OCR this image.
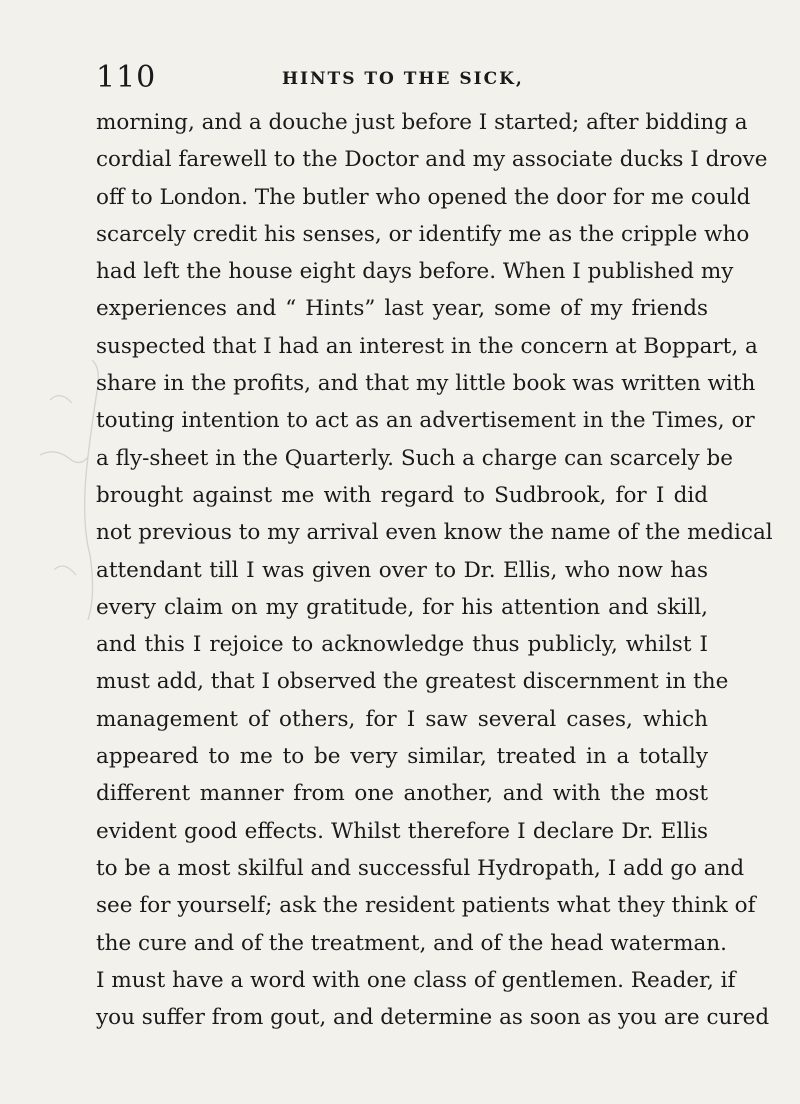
110	HINTS TO THE SICK,
morning, and a douche just before I started; after bidding a
cordial farewell to the Doctor and my associate ducks I drove
off to London. The butler who opened the door for me could
scarcely credit his senses, or identify me as the cripple who
had left the house eight days before. When I published my
experiences and “ Hints” last year, some of my friends
suspected that I had an interest in the concern at Boppart, a
share in the profits, and that my little book was written with
touting intention to act as an advertisement in the Times, or
a fly-sheet in the Quarterly. Such a charge can scarcely be
brought against me with regard to Sudbrook, for I did
not previous to my arrival even know the name of the medical
attendant till I was given over to Dr. Ellis, who now has
every claim on my gratitude, for his attention and skill,
and this I rejoice to acknowledge thus publicly, whilst I
must add, that I observed the greatest discernment in the
management of others, for I saw several cases, which
appeared to me to be very similar, treated in a totally
different manner from one another, and with the most
evident good effects. Whilst therefore I declare Dr. Ellis
to be a most skilful and successful Hydropath, I add go and
see for yourself; ask the resident patients what they think of
the cure and of the treatment, and of the head waterman.
I must have a word with one class of gentlemen. Reader, if
you suffer from gout, and determine as soon as you are cured
